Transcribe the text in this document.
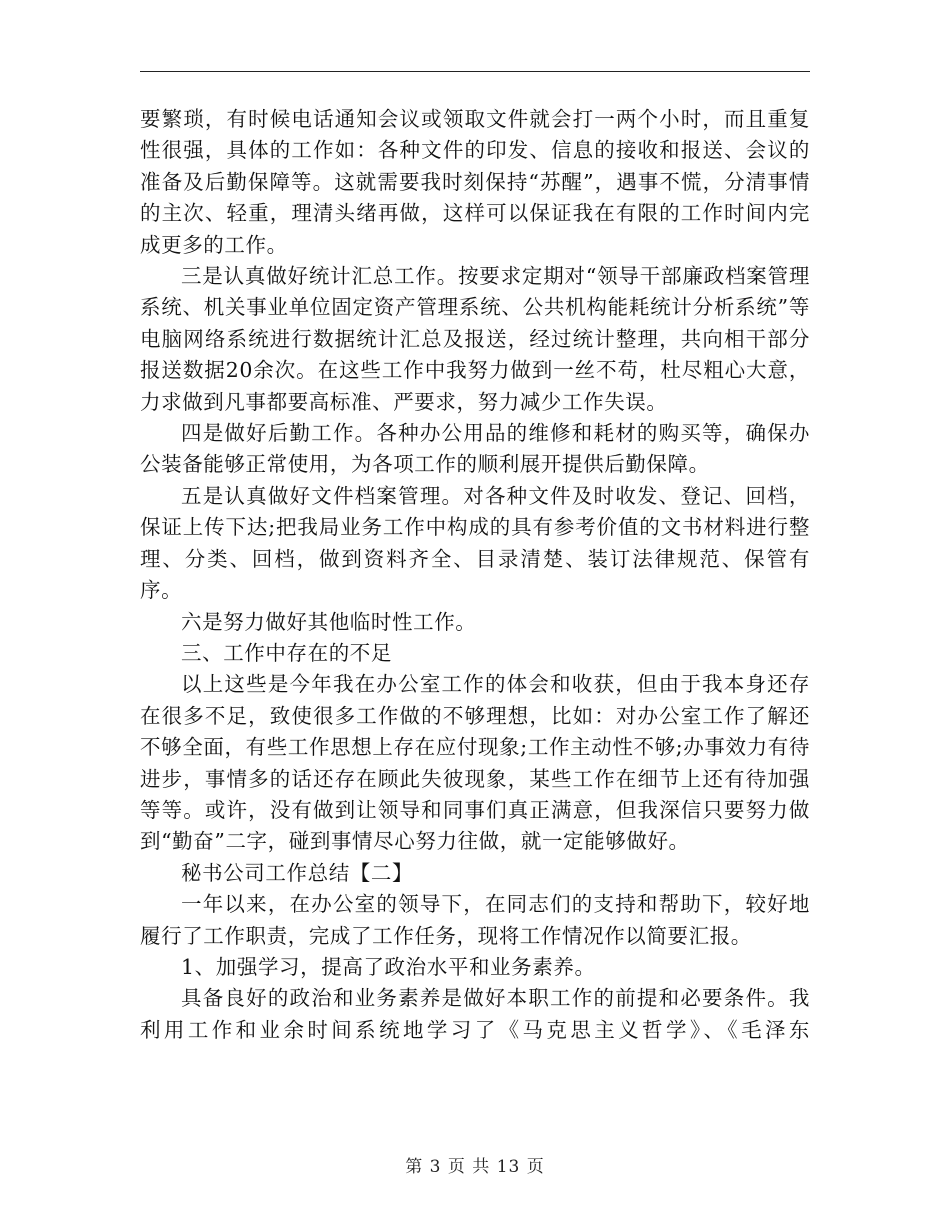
要繁琐，有时候电话通知会议或领取文件就会打一两个小时，而且重复性很强，具体的工作如：各种文件的印发、信息的接收和报送、会议的准备及后勤保障等。这就需要我时刻保持“苏醒”，遇事不慌，分清事情的主次、轻重，理清头绪再做，这样可以保证我在有限的工作时间内完成更多的工作。

三是认真做好统计汇总工作。按要求定期对“领导干部廉政档案管理系统、机关事业单位固定资产管理系统、公共机构能耗统计分析系统”等电脑网络系统进行数据统计汇总及报送，经过统计整理，共向相干部分报送数据20余次。在这些工作中我努力做到一丝不苟，杜尽粗心大意，力求做到凡事都要高标准、严要求，努力减少工作失误。

四是做好后勤工作。各种办公用品的维修和耗材的购买等，确保办公装备能够正常使用，为各项工作的顺利展开提供后勤保障。

五是认真做好文件档案管理。对各种文件及时收发、登记、回档，保证上传下达;把我局业务工作中构成的具有参考价值的文书材料进行整理、分类、回档，做到资料齐全、目录清楚、装订法律规范、保管有序。

六是努力做好其他临时性工作。

三、工作中存在的不足

以上这些是今年我在办公室工作的体会和收获，但由于我本身还存在很多不足，致使很多工作做的不够理想，比如：对办公室工作了解还不够全面，有些工作思想上存在应付现象;工作主动性不够;办事效力有待进步，事情多的话还存在顾此失彼现象，某些工作在细节上还有待加强等等。或许，没有做到让领导和同事们真正满意，但我深信只要努力做到“勤奋”二字，碰到事情尽心努力往做，就一定能够做好。

秘书公司工作总结【二】

一年以来，在办公室的领导下，在同志们的支持和帮助下，较好地履行了工作职责，完成了工作任务，现将工作情况作以简要汇报。

1、加强学习，提高了政治水平和业务素养。

具备良好的政治和业务素养是做好本职工作的前提和必要条件。我利用工作和业余时间系统地学习了《马克思主义哲学》、《毛泽东

第 3 页 共 13 页
